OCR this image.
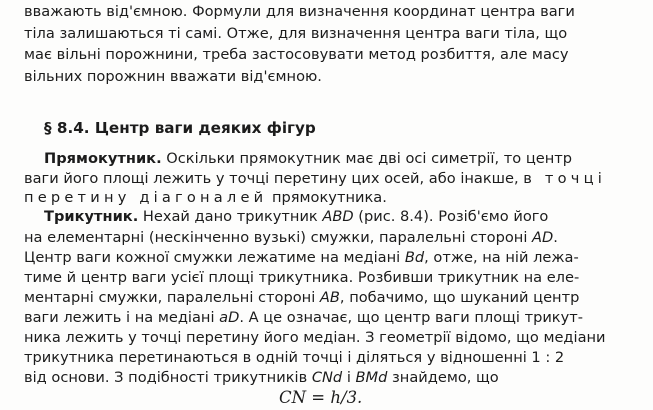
вважають від'ємною. Формули для визначення координат центра ваги
тіла залишаються ті самі. Отже, для визначення центра ваги тіла, що
має вільні порожнини, треба застосовувати метод розбиття, але масу
вільних порожнин вважати від'ємною.
§ 8.4. Центр ваги деяких фігур
Прямокутник. Оскільки прямокутник має дві осі симетрії, то центр
ваги його площі лежить у точці перетину цих осей, або інакше, в точці
перетину діагоналей прямокутника.
Трикутник. Нехай дано трикутник ABD (рис. 8.4). Розіб'ємо його
на елементарні (нескінченно вузькі) смужки, паралельні стороні AD.
Центр ваги кожної смужки лежатиме на медіані Bd, отже, на ній лежа-
тиме й центр ваги усієї площі трикутника. Розбивши трикутник на еле-
ментарні смужки, паралельні стороні AB, побачимо, що шуканий центр
ваги лежить і на медіані aD. А це означає, що центр ваги площі трикут-
ника лежить у точці перетину його медіан. З геометрії відомо, що медіани
трикутника перетинаються в одній точці і діляться у відношенні 1 : 2
від основи. З подібності трикутників CNd і BMd знайдемо, що
CN = h/3.
